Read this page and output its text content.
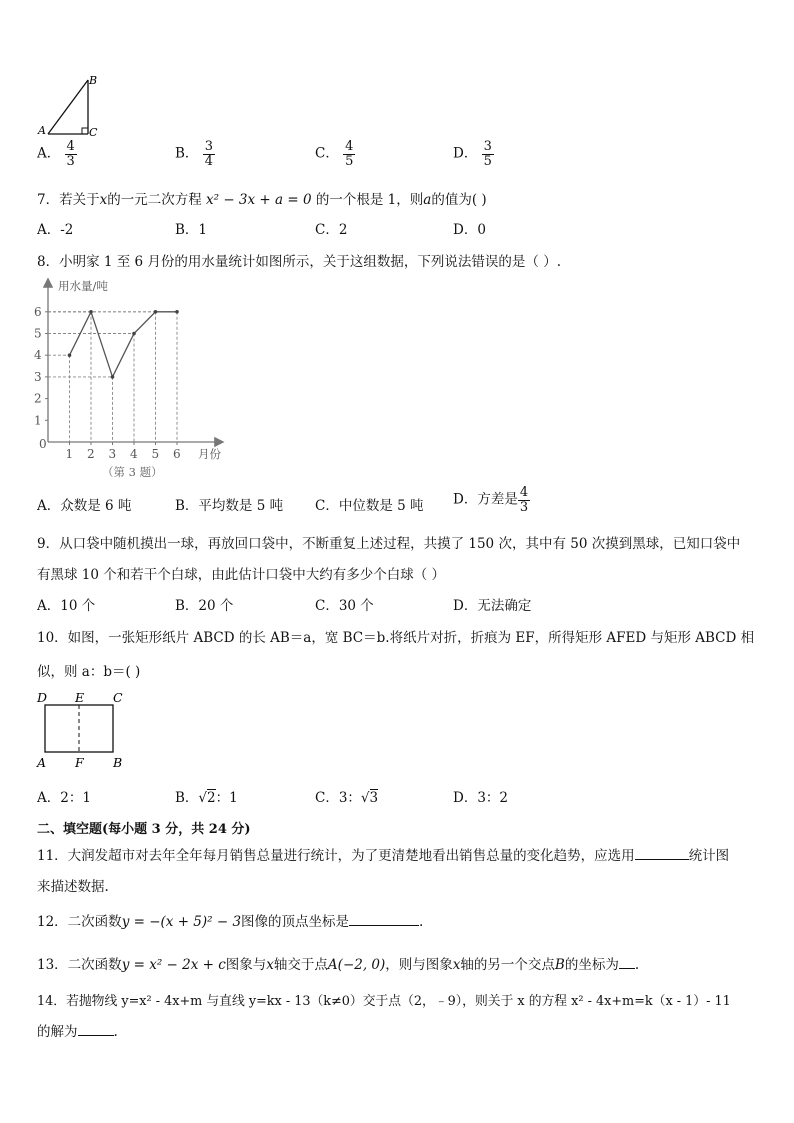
A
B
C
A． $\frac{4}{3}$	B． $\frac{3}{4}$	C． $\frac{4}{5}$	D． $\frac{3}{5}$
7．若关于x的一元二次方程 x² − 3x + a = 0 的一个根是 1，则a的值为( )
A．-2	B．1	C．2	D．0
8．小明家 1 至 6 月份的用水量统计如图所示，关于这组数据，下列说法错误的是（ ）.
用水量/吨
月份
0
（第 3 题）
1
2
3
4
5
6
1 2 3 4 5 6
A．众数是 6 吨	B．平均数是 5 吨 C．中位数是 5 吨 D．方差是 $\frac{4}{3}$
9．从口袋中随机摸出一球，再放回口袋中，不断重复上述过程，共摸了 150 次，其中有 50 次摸到黑球，已知口袋中
有黑球 10 个和若干个白球，由此估计口袋中大约有多少个白球（ ）
A．10 个	B．20 个	C．30 个	D．无法确定
10．如图，一张矩形纸片 ABCD 的长 AB＝a，宽 BC＝b.将纸片对折，折痕为 EF，所得矩形 AFED 与矩形 ABCD 相
似，则 a：b＝( )
D E C
A F B
A．2：1	B．√2：1	C．3：√3	D．3：2
二、填空题(每小题 3 分，共 24 分)
11．大润发超市对去年全年每月销售总量进行统计，为了更清楚地看出销售总量的变化趋势，应选用	统计图
来描述数据.
12．二次函数y = −(x + 5)² − 3图像的顶点坐标是	.
13．二次函数y = x² − 2x + c图象与x轴交于点A(−2, 0)，则与图象x轴的另一个交点B的坐标为 .
14．若抛物线 y=x² - 4x+m 与直线 y=kx - 13（k≠0）交于点（2，﹣9），则关于 x 的方程 x² - 4x+m=k（x - 1）- 11
的解为	.
